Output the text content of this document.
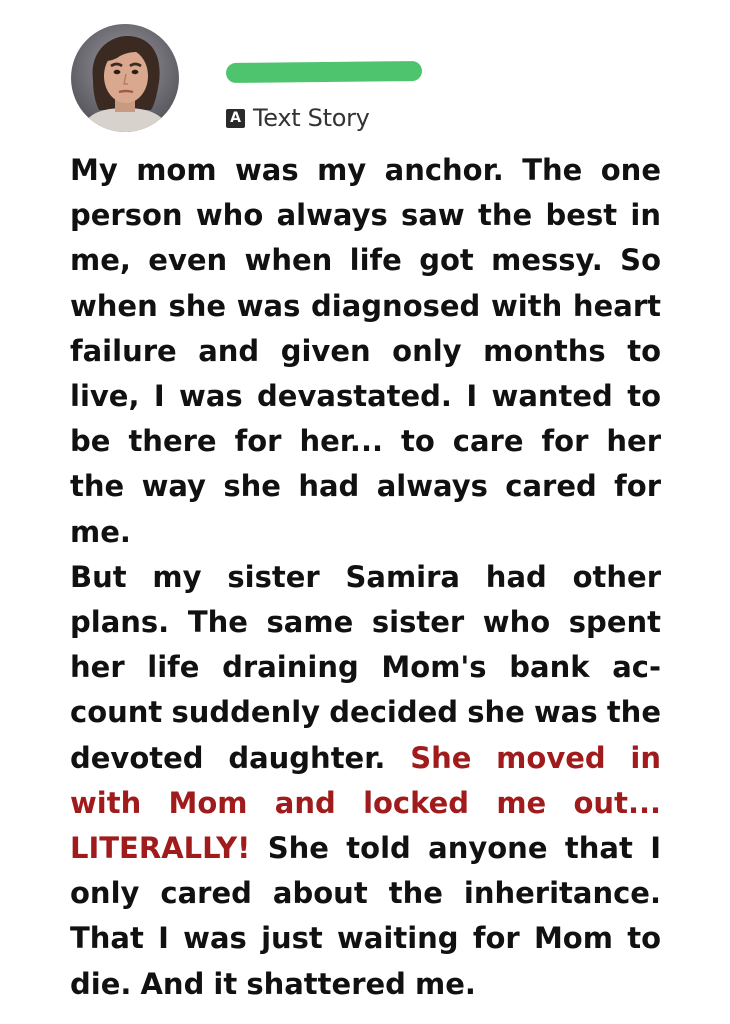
A Text Story

My mom was my anchor. The one person who always saw the best in me, even when life got messy. So when she was diagnosed with heart failure and given only months to live, I was devastated. I wanted to be there for her... to care for her the way she had always cared for me.

But my sister Samira had other plans. The same sister who spent her life draining Mom's bank account suddenly decided she was the devoted daughter. She moved in with Mom and locked me out... LITERALLY! She told anyone that I only cared about the inheritance. That I was just waiting for Mom to die. And it shattered me.
